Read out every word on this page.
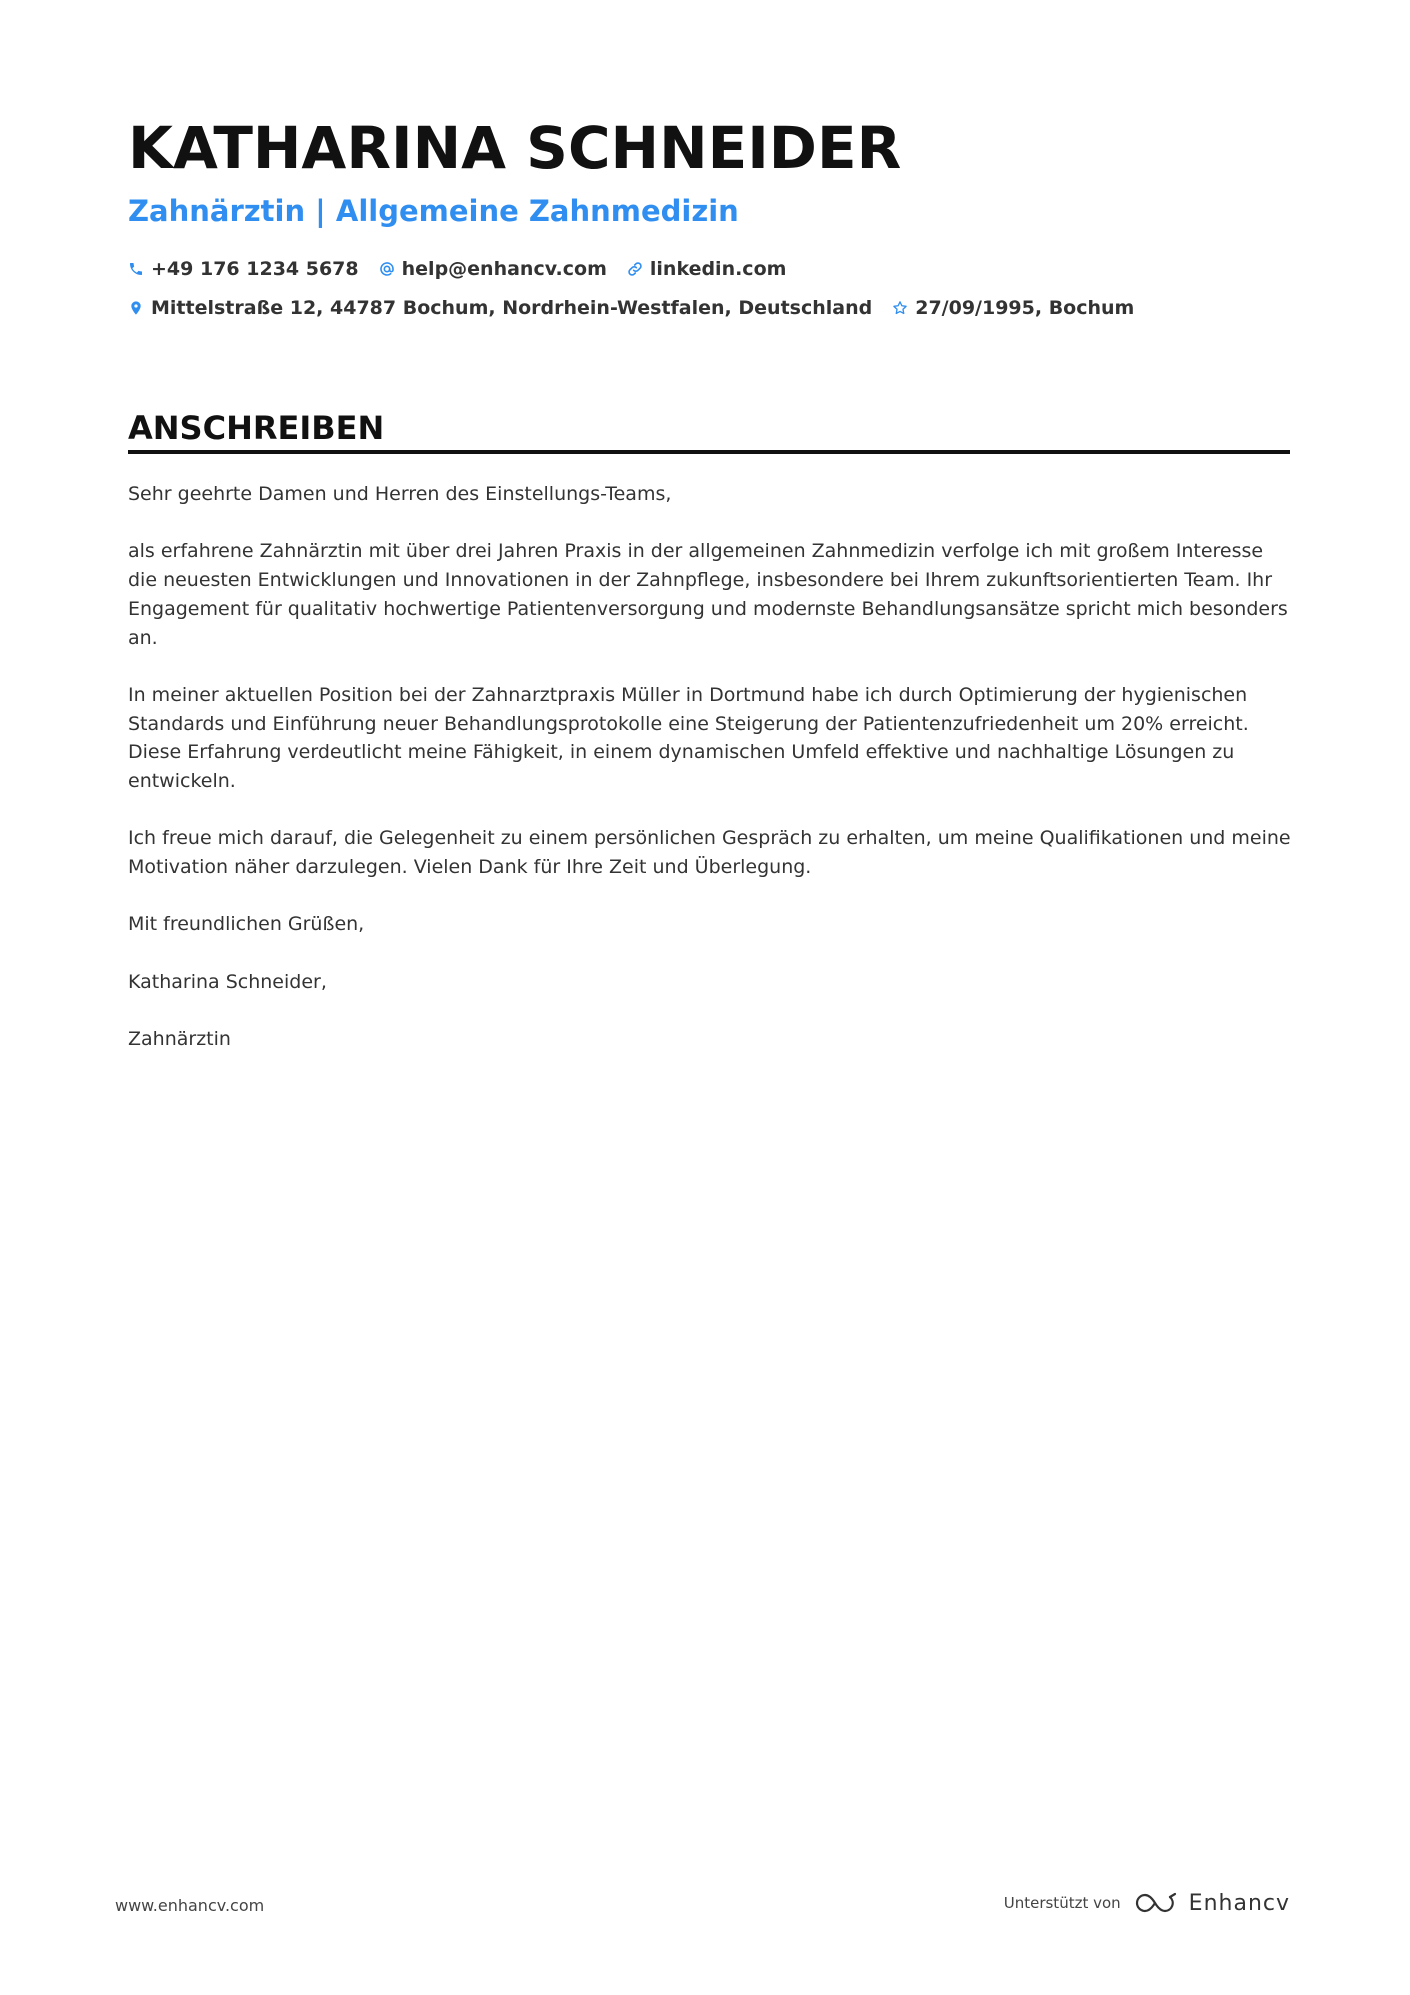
KATHARINA SCHNEIDER
Zahnärztin | Allgemeine Zahnmedizin
+49 176 1234 5678 help@enhancv.com linkedin.com
Mittelstraße 12, 44787 Bochum, Nordrhein-Westfalen, Deutschland 27/09/1995, Bochum
ANSCHREIBEN

Sehr geehrte Damen und Herren des Einstellungs-Teams,

als erfahrene Zahnärztin mit über drei Jahren Praxis in der allgemeinen Zahnmedizin verfolge ich mit großem Interesse die neuesten Entwicklungen und Innovationen in der Zahnpflege, insbesondere bei Ihrem zukunftsorientierten Team. Ihr Engagement für qualitativ hochwertige Patientenversorgung und modernste Behandlungsansätze spricht mich besonders an.

In meiner aktuellen Position bei der Zahnarztpraxis Müller in Dortmund habe ich durch Optimierung der hygienischen Standards und Einführung neuer Behandlungsprotokolle eine Steigerung der Patientenzufriedenheit um 20% erreicht. Diese Erfahrung verdeutlicht meine Fähigkeit, in einem dynamischen Umfeld effektive und nachhaltige Lösungen zu entwickeln.

Ich freue mich darauf, die Gelegenheit zu einem persönlichen Gespräch zu erhalten, um meine Qualifikationen und meine Motivation näher darzulegen. Vielen Dank für Ihre Zeit und Überlegung.

Mit freundlichen Grüßen,

Katharina Schneider,

Zahnärztin

www.enhancv.com	Unterstützt von	Enhancv
